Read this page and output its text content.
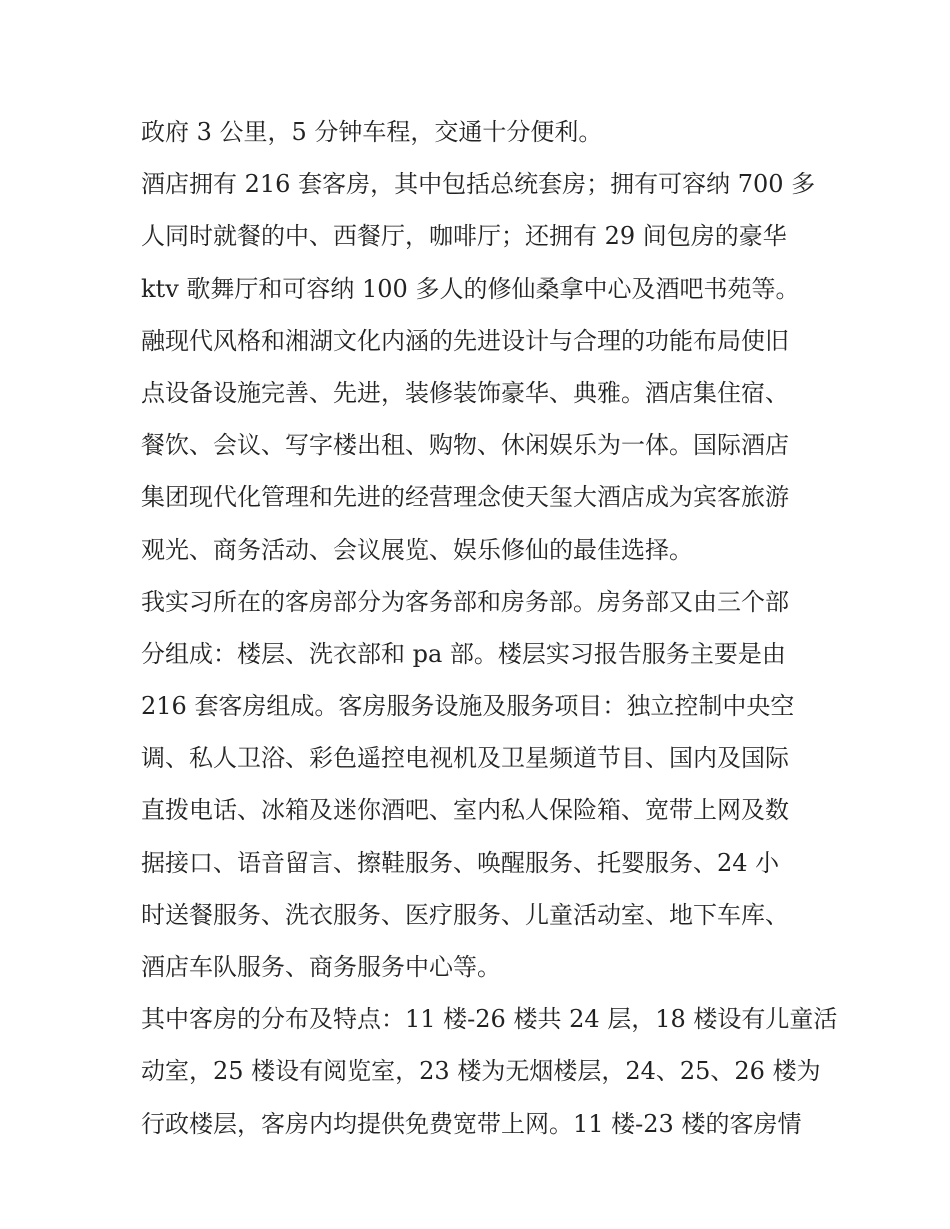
政府 3 公里，5 分钟车程，交通十分便利。
酒店拥有 216 套客房，其中包括总统套房；拥有可容纳 700 多
人同时就餐的中、西餐厅，咖啡厅；还拥有 29 间包房的豪华
ktv 歌舞厅和可容纳 100 多人的修仙桑拿中心及酒吧书苑等。
融现代风格和湘湖文化内涵的先进设计与合理的功能布局使旧
点设备设施完善、先进，装修装饰豪华、典雅。酒店集住宿、
餐饮、会议、写字楼出租、购物、休闲娱乐为一体。国际酒店
集团现代化管理和先进的经营理念使天玺大酒店成为宾客旅游
观光、商务活动、会议展览、娱乐修仙的最佳选择。
我实习所在的客房部分为客务部和房务部。房务部又由三个部
分组成：楼层、洗衣部和 pa 部。楼层实习报告服务主要是由
216 套客房组成。客房服务设施及服务项目：独立控制中央空
调、私人卫浴、彩色遥控电视机及卫星频道节目、国内及国际
直拨电话、冰箱及迷你酒吧、室内私人保险箱、宽带上网及数
据接口、语音留言、擦鞋服务、唤醒服务、托婴服务、24 小
时送餐服务、洗衣服务、医疗服务、儿童活动室、地下车库、
酒店车队服务、商务服务中心等。
其中客房的分布及特点：11 楼-26 楼共 24 层，18 楼设有儿童活
动室，25 楼设有阅览室，23 楼为无烟楼层，24、25、26 楼为
行政楼层，客房内均提供免费宽带上网。11 楼-23 楼的客房情
